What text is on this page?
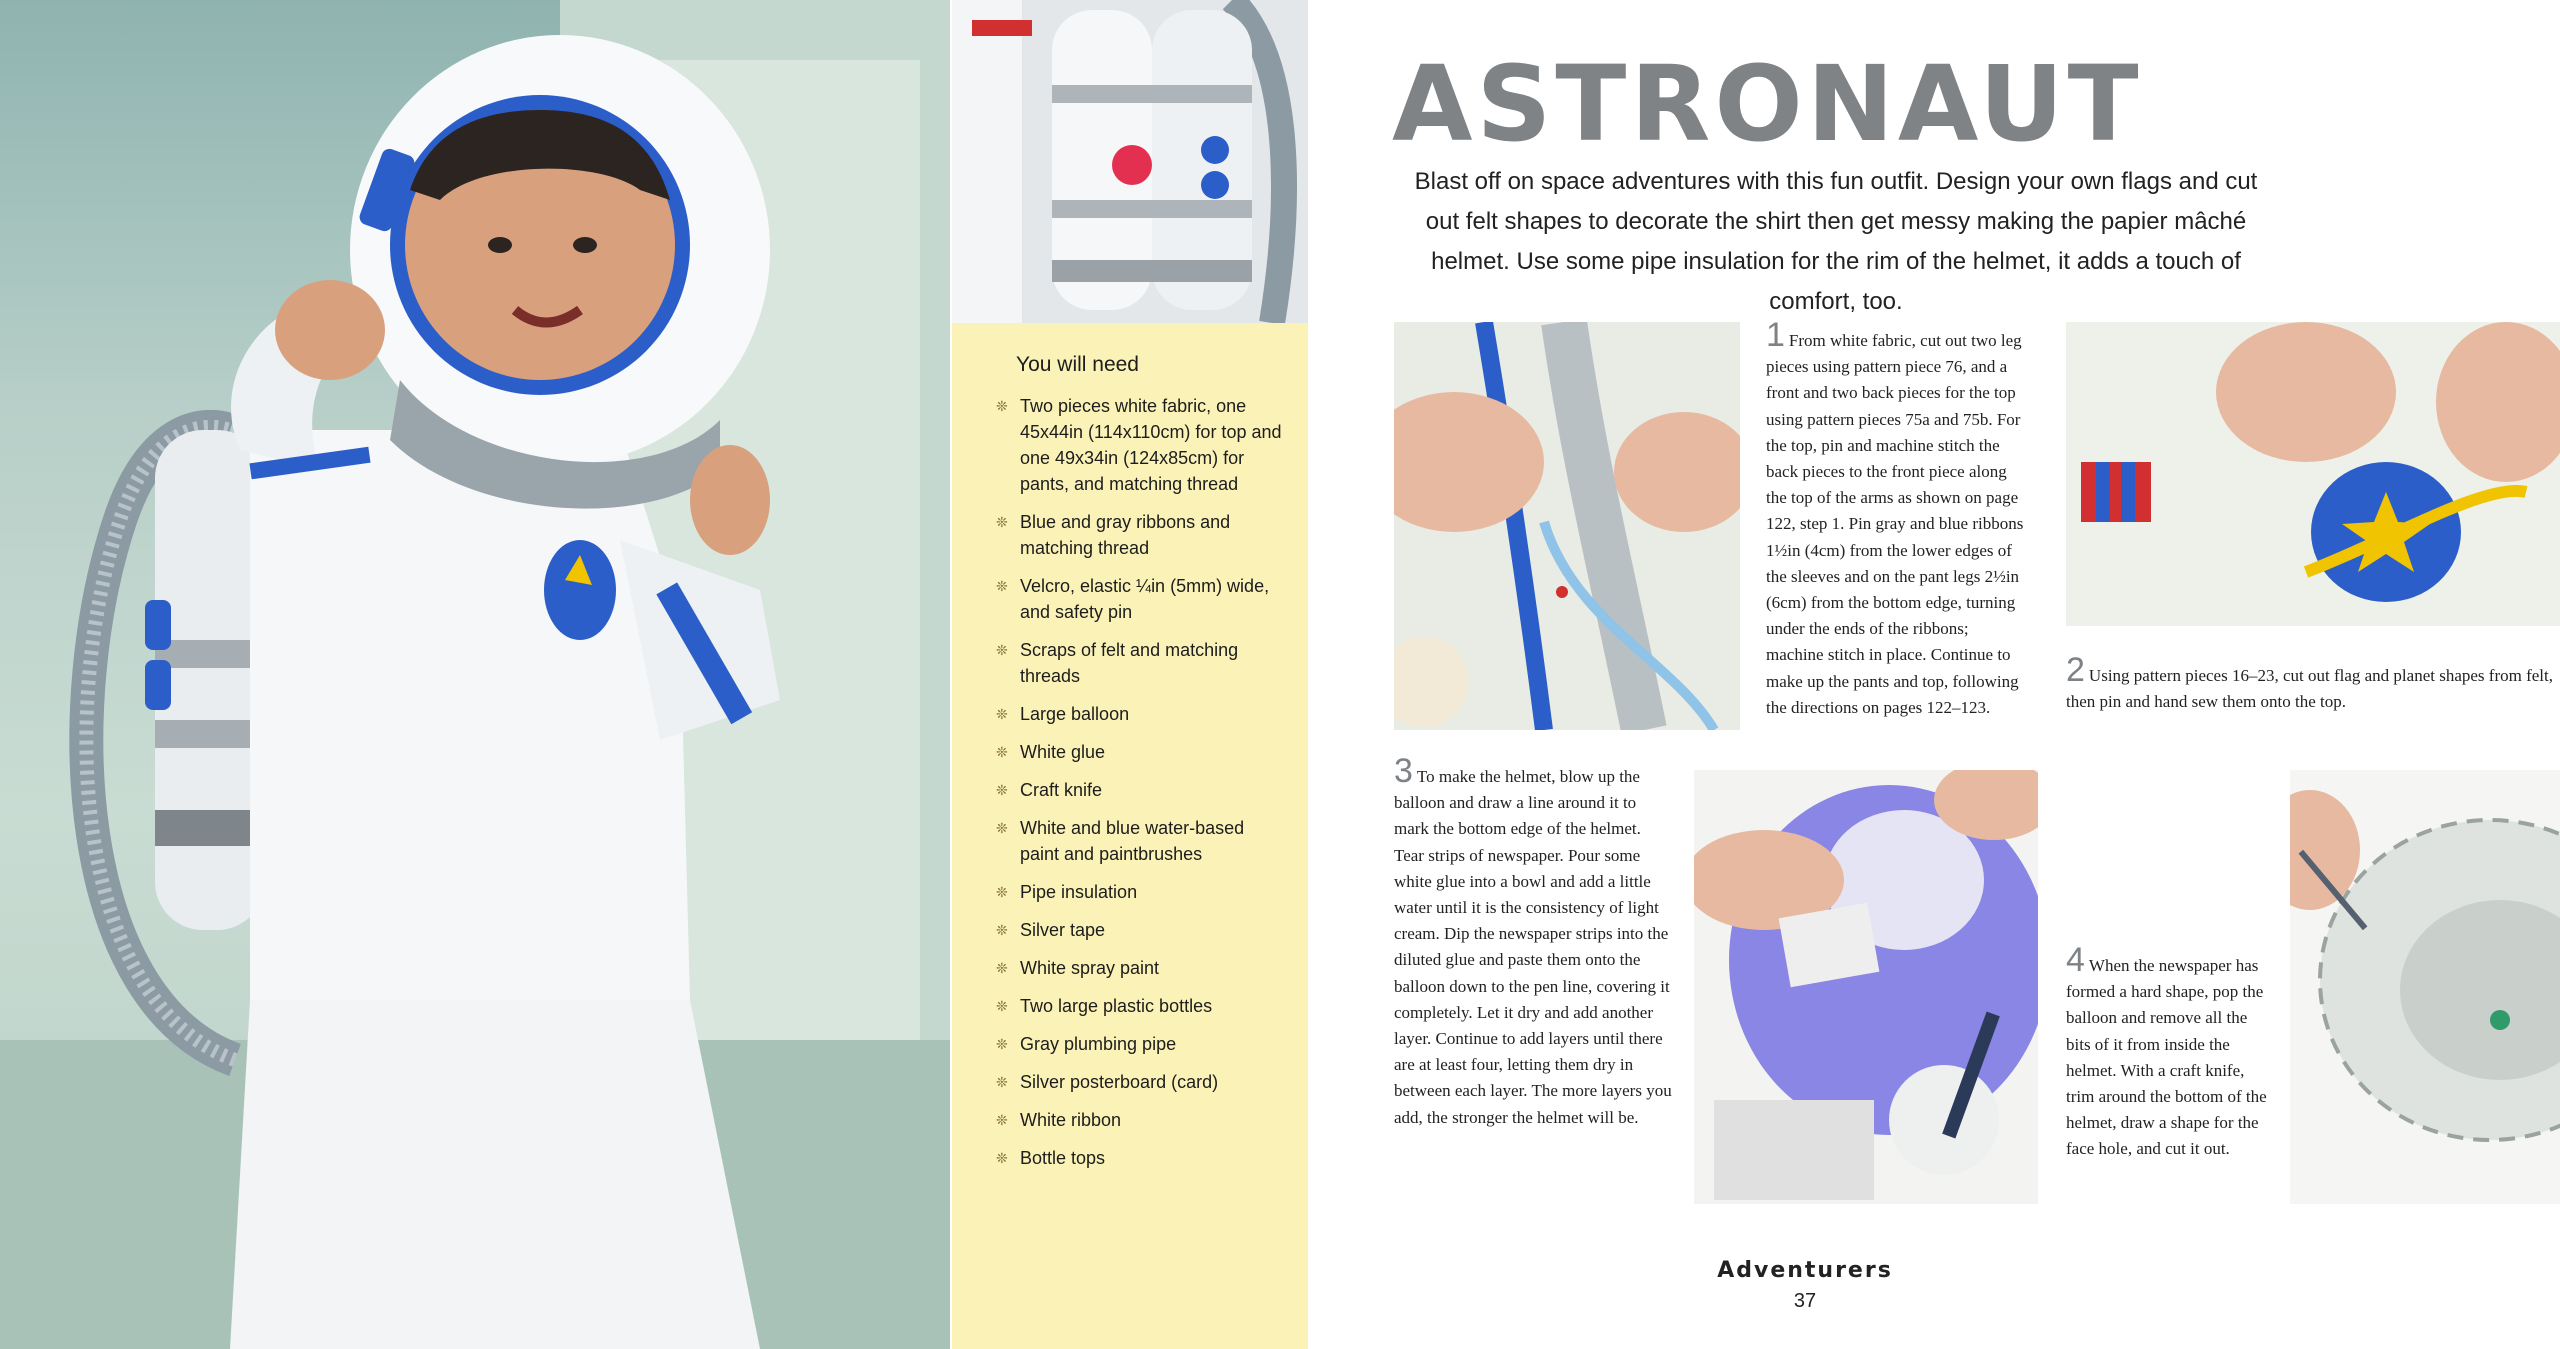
You will need
❊ Two pieces white fabric, one 45x44in (114x110cm) for top and one 49x34in (124x85cm) for pants, and matching thread
❊ Blue and gray ribbons and matching thread
❊ Velcro, elastic ¼in (5mm) wide, and safety pin
❊ Scraps of felt and matching threads
❊ Large balloon
❊ White glue
❊ Craft knife
❊ White and blue water-based paint and paintbrushes
❊ Pipe insulation
❊ Silver tape
❊ White spray paint
❊ Two large plastic bottles
❊ Gray plumbing pipe
❊ Silver posterboard (card)
❊ White ribbon
❊ Bottle tops
ASTRONAUT

Blast off on space adventures with this fun outfit. Design your own flags and cut out felt shapes to decorate the shirt then get messy making the papier mâché helmet. Use some pipe insulation for the rim of the helmet, it adds a touch of comfort, too.

1 From white fabric, cut out two leg pieces using pattern piece 76, and a front and two back pieces for the top using pattern pieces 75a and 75b. For the top, pin and machine stitch the back pieces to the front piece along the top of the arms as shown on page 122, step 1. Pin gray and blue ribbons 1½in (4cm) from the lower edges of the sleeves and on the pant legs 2½in (6cm) from the bottom edge, turning under the ends of the ribbons; machine stitch in place. Continue to make up the pants and top, following the directions on pages 122–123.

2 Using pattern pieces 16–23, cut out flag and planet shapes from felt, then pin and hand sew them onto the top.

3 To make the helmet, blow up the balloon and draw a line around it to mark the bottom edge of the helmet. Tear strips of newspaper. Pour some white glue into a bowl and add a little water until it is the consistency of light cream. Dip the newspaper strips into the diluted glue and paste them onto the balloon down to the pen line, covering it completely. Let it dry and add another layer. Continue to add layers until there are at least four, letting them dry in between each layer. The more layers you add, the stronger the helmet will be.

4 When the newspaper has formed a hard shape, pop the balloon and remove all the bits of it from inside the helmet. With a craft knife, trim around the bottom of the helmet, draw a shape for the face hole, and cut it out.

Adventurers

37
